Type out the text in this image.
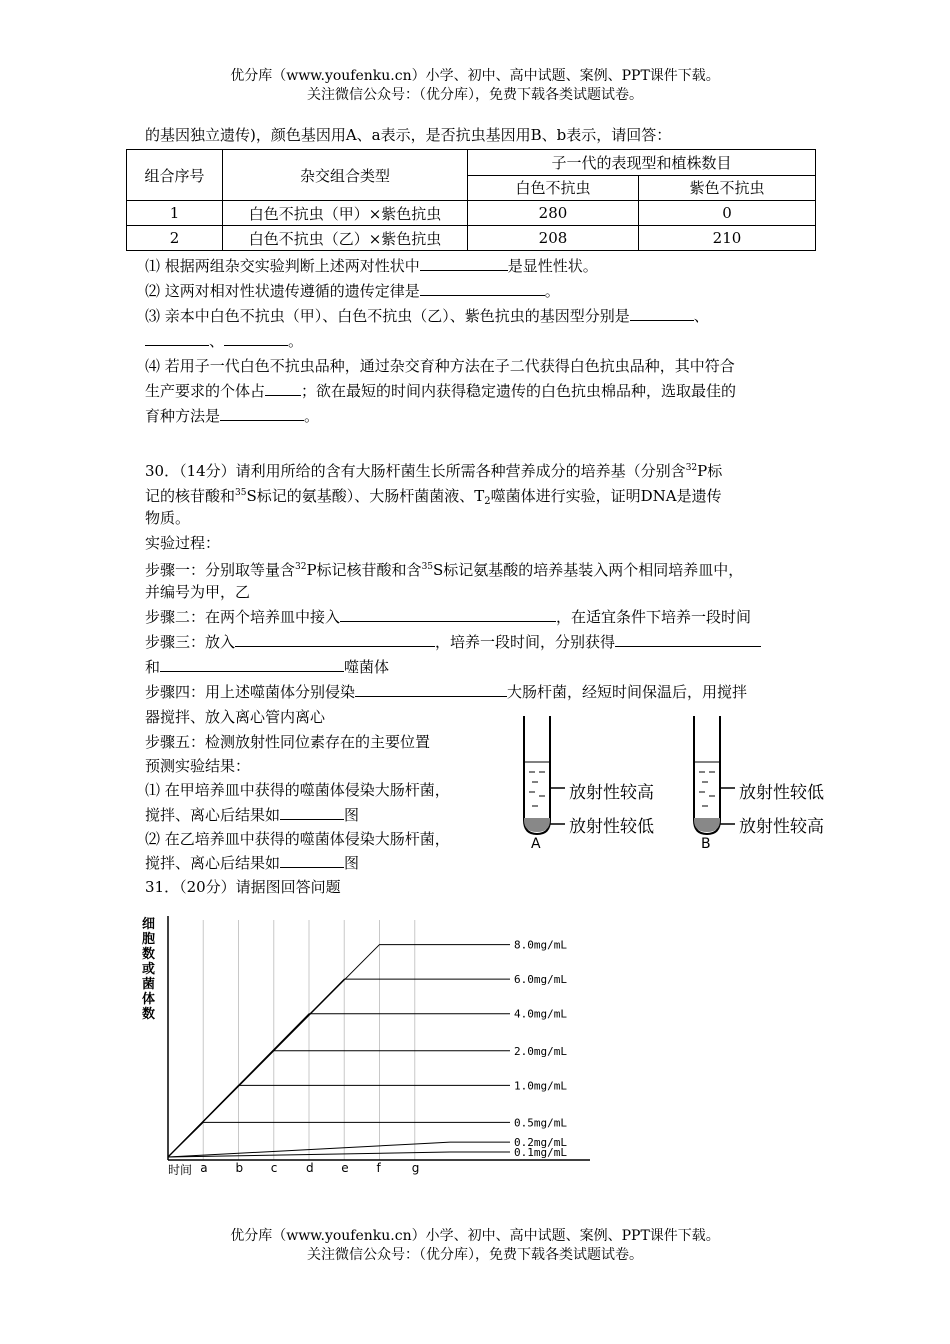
优分库（www.youfenku.cn）小学、初中、高中试题、案例、PPT课件下载。
关注微信公众号：（优分库），免费下载各类试题试卷。
的基因独立遗传)，颜色基因用A、a表示，是否抗虫基因用B、b表示，请回答：
组合序号	杂交组合类型	子一代的表现型和植株数目	
		白色不抗虫	紫色不抗虫
1	白色不抗虫（甲）×紫色抗虫	280	0
2	白色不抗虫（乙）×紫色抗虫	208	210
⑴ 根据两组杂交实验判断上述两对性状中	是显性性状。
⑵ 这两对相对性状遗传遵循的遗传定律是	。
⑶ 亲本中白色不抗虫（甲）、白色不抗虫（乙）、紫色抗虫的基因型分别是	、
、	。
⑷ 若用子一代白色不抗虫品种，通过杂交育种方法在子二代获得白色抗虫品种，其中符合
生产要求的个体占 ；欲在最短的时间内获得稳定遗传的白色抗虫棉品种，选取最佳的
育种方法是	。
30．（14分）请利用所给的含有大肠杆菌生长所需各种营养成分的培养基（分别含$^{32}$P标
记的核苷酸和$^{35}$S标记的氨基酸）、大肠杆菌菌液、$T_2$噬菌体进行实验，证明DNA是遗传
物质。
实验过程：
步骤一：分别取等量含$^{32}$P标记核苷酸和含$^{35}$S标记氨基酸的培养基装入两个相同培养皿中，
并编号为甲，乙
步骤二：在两个培养皿中接入	，在适宜条件下培养一段时间
步骤三：放入	，培养一段时间，分别获得
和	噬菌体
步骤四：用上述噬菌体分别侵染	大肠杆菌，经短时间保温后，用搅拌
器搅拌、放入离心管内离心
步骤五：检测放射性同位素存在的主要位置
预测实验结果：
⑴ 在甲培养皿中获得的噬菌体侵染大肠杆菌，
搅拌、离心后结果如	图
⑵ 在乙培养皿中获得的噬菌体侵染大肠杆菌，
搅拌、离心后结果如	图
放射性较高
放射性较低
A
放射性较低
放射性较高
B
31．（20分）请据图回答问题
细胞数或菌体数
8.0mg/mL
6.0mg/mL
4.0mg/mL
2.0mg/mL
1.0mg/mL
0.5mg/mL
0.2mg/mL
0.1mg/mL
a b c d e f	g
时间
优分库（www.youfenku.cn）小学、初中、高中试题、案例、PPT课件下载。
关注微信公众号：（优分库），免费下载各类试题试卷。
